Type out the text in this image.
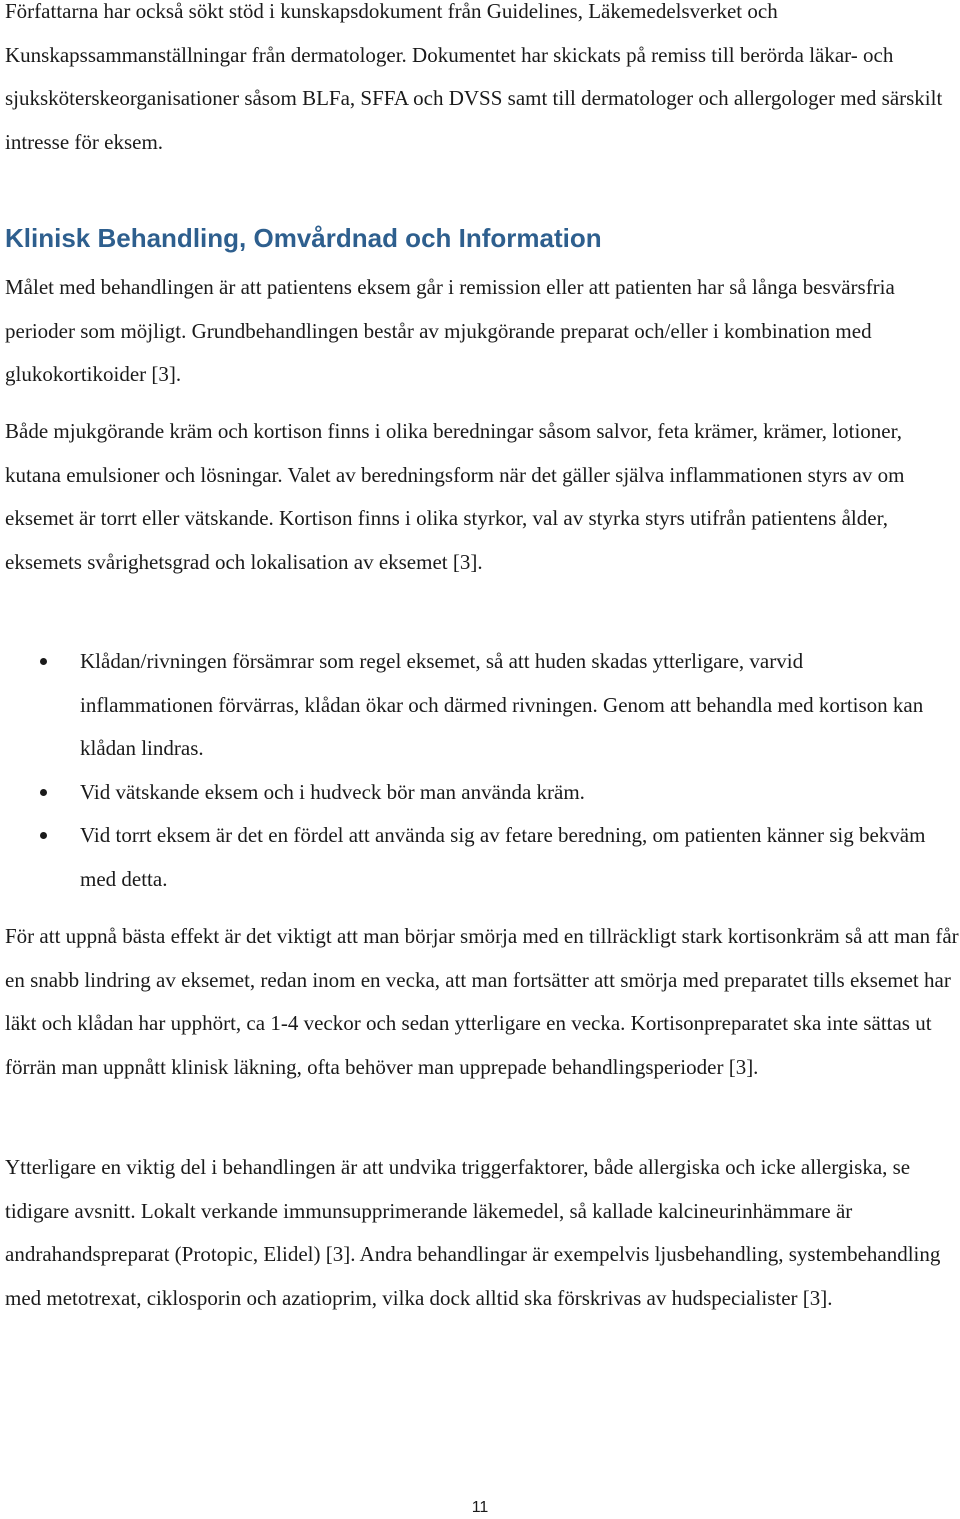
Författarna har också sökt stöd i kunskapsdokument från Guidelines, Läkemedelsverket och Kunskapssammanställningar från dermatologer. Dokumentet har skickats på remiss till berörda läkar- och sjuksköterskeorganisationer såsom BLFa, SFFA och DVSS samt till dermatologer och allergologer med särskilt intresse för eksem.

Klinisk Behandling, Omvårdnad och Information

Målet med behandlingen är att patientens eksem går i remission eller att patienten har så långa besvärsfria perioder som möjligt. Grundbehandlingen består av mjukgörande preparat och/eller i kombination med glukokortikoider [3].

Både mjukgörande kräm och kortison finns i olika beredningar såsom salvor, feta krämer, krämer, lotioner, kutana emulsioner och lösningar. Valet av beredningsform när det gäller själva inflammationen styrs av om eksemet är torrt eller vätskande. Kortison finns i olika styrkor, val av styrka styrs utifrån patientens ålder, eksemets svårighetsgrad och lokalisation av eksemet [3].

Klådan/rivningen försämrar som regel eksemet, så att huden skadas ytterligare, varvid inflammationen förvärras, klådan ökar och därmed rivningen. Genom att behandla med kortison kan klådan lindras.
Vid vätskande eksem och i hudveck bör man använda kräm.
Vid torrt eksem är det en fördel att använda sig av fetare beredning, om patienten känner sig bekväm med detta.

För att uppnå bästa effekt är det viktigt att man börjar smörja med en tillräckligt stark kortisonkräm så att man får en snabb lindring av eksemet, redan inom en vecka, att man fortsätter att smörja med preparatet tills eksemet har läkt och klådan har upphört, ca 1-4 veckor och sedan ytterligare en vecka. Kortisonpreparatet ska inte sättas ut förrän man uppnått klinisk läkning, ofta behöver man upprepade behandlingsperioder [3].

Ytterligare en viktig del i behandlingen är att undvika triggerfaktorer, både allergiska och icke allergiska, se tidigare avsnitt. Lokalt verkande immunsupprimerande läkemedel, så kallade kalcineurinhämmare är andrahandspreparat (Protopic, Elidel) [3]. Andra behandlingar är exempelvis ljusbehandling, systembehandling med metotrexat, ciklosporin och azatioprim, vilka dock alltid ska förskrivas av hudspecialister [3].

11
